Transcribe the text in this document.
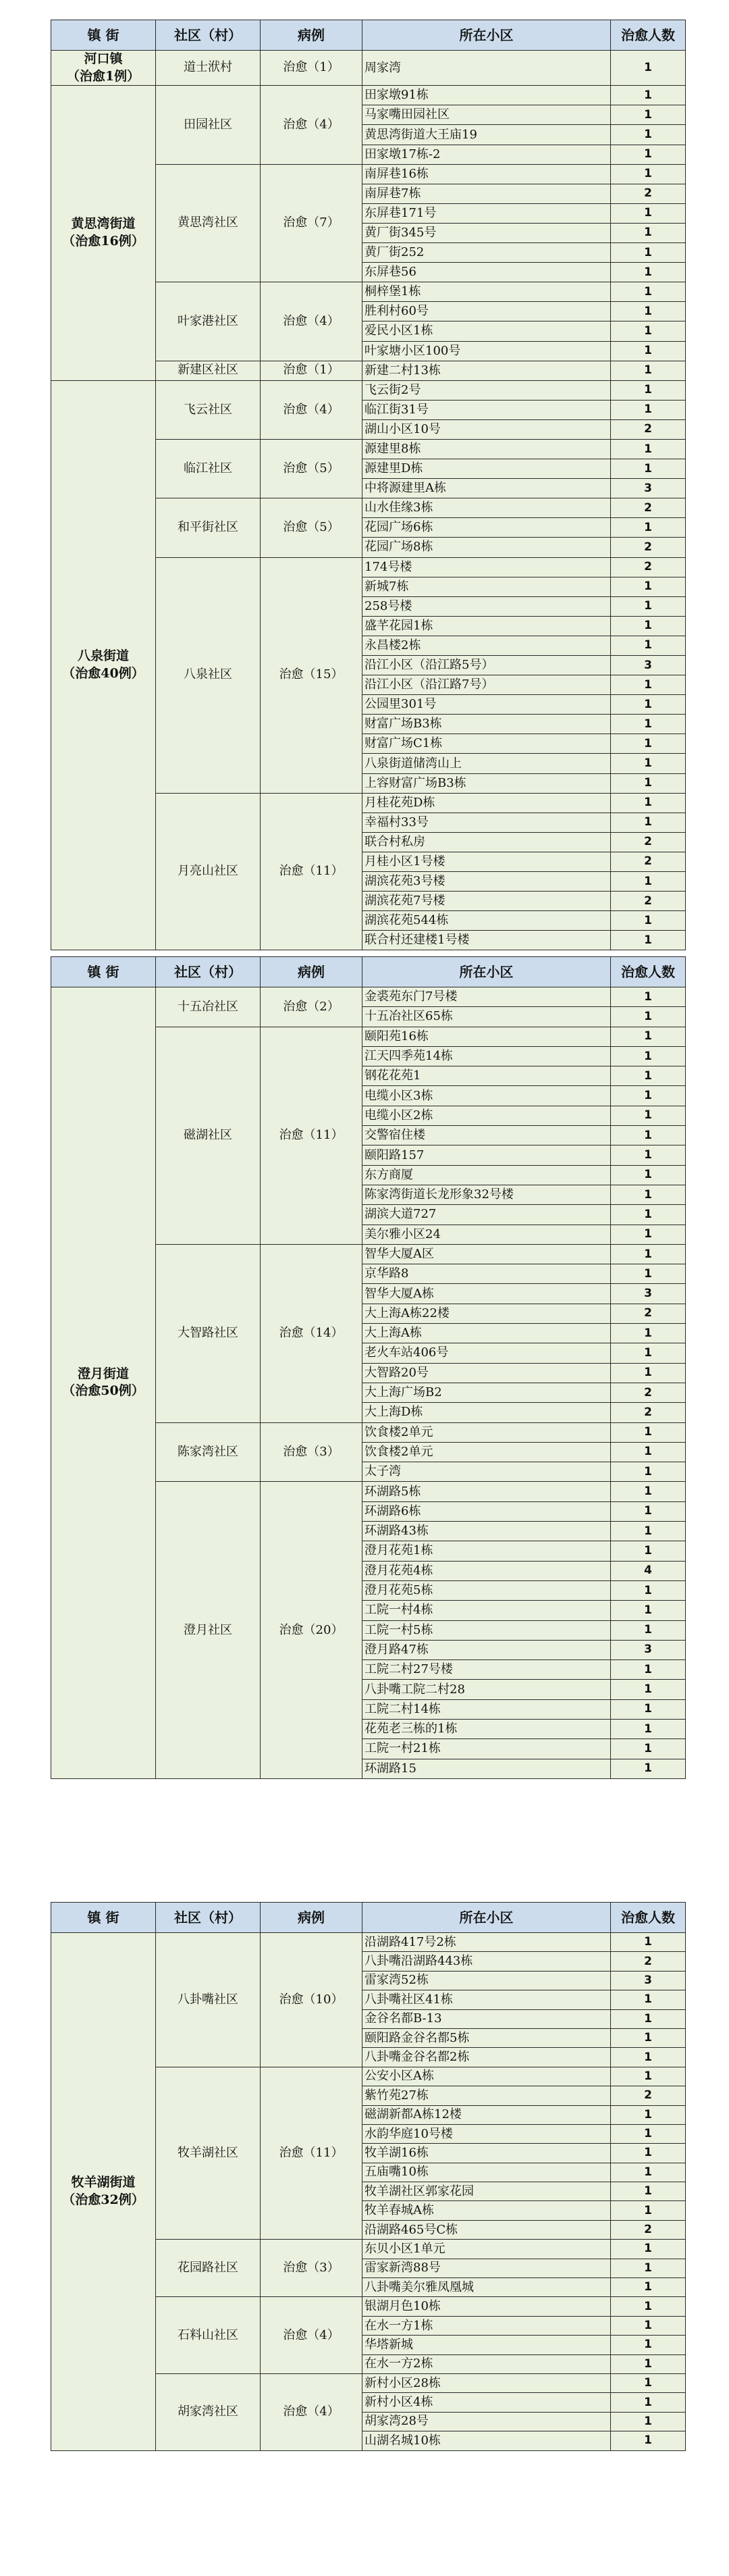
镇 街	社区（村）	病例	所在小区	治愈人数
河口镇
（治愈1例）	道士洑村	治愈（1）	周家湾	1
黄思湾街道
（治愈16例）	田园社区	治愈（4）	田家墩91栋	1
			马家嘴田园社区	1
			黄思湾街道大王庙19	1
			田家墩17栋-2	1
	黄思湾社区	治愈（7）	南屏巷16栋	1
			南屏巷7栋	2
			东屏巷171号	1
			黄厂街345号	1
			黄厂街252	1
			东屏巷56	1
	叶家港社区	治愈（4）	桐梓堡1栋	1
			胜利村60号	1
			爱民小区1栋	1
			叶家塘小区100号	1
	新建区社区	治愈（1）	新建二村13栋	1
八泉街道
（治愈40例）	飞云社区	治愈（4）	飞云街2号	1
			临江街31号	1
			湖山小区10号	2
	临江社区	治愈（5）	源建里8栋	1
			源建里D栋	1
			中将源建里A栋	3
	和平街社区	治愈（5）	山水佳缘3栋	2
			花园广场6栋	1
			花园广场8栋	2
	八泉社区	治愈（15）	174号楼	2
			新城7栋	1
			258号楼	1
			盛芊花园1栋	1
			永昌楼2栋	1
			沿江小区（沿江路5号）	3
			沿江小区（沿江路7号）	1
			公园里301号	1
			财富广场B3栋	1
			财富广场C1栋	1
			八泉街道储湾山上	1
			上容财富广场B3栋	1
	月亮山社区	治愈（11）	月桂花苑D栋	1
			幸福村33号	1
			联合村私房	2
			月桂小区1号楼	2
			湖滨花苑3号楼	1
			湖滨花苑7号楼	2
			湖滨花苑544栋	1
			联合村还建楼1号楼	1
镇 街	社区（村）	病例	所在小区	治愈人数
澄月街道
（治愈50例）	十五冶社区	治愈（2）	金裘苑东门7号楼	1
			十五冶社区65栋	1
	磁湖社区	治愈（11）	颐阳苑16栋	1
			江天四季苑14栋	1
			钢花花苑1	1
			电缆小区3栋	1
			电缆小区2栋	1
			交警宿住楼	1
			颐阳路157	1
			东方商厦	1
			陈家湾街道长龙形象32号楼	1
			湖滨大道727	1
			美尔雅小区24	1
	大智路社区	治愈（14）	智华大厦A区	1
			京华路8	1
			智华大厦A栋	3
			大上海A栋22楼	2
			大上海A栋	1
			老火车站406号	1
			大智路20号	1
			大上海广场B2	2
			大上海D栋	2
	陈家湾社区	治愈（3）	饮食楼2单元	1
			饮食楼2单元	1
			太子湾	1
	澄月社区	治愈（20）	环湖路5栋	1
			环湖路6栋	1
			环湖路43栋	1
			澄月花苑1栋	1
			澄月花苑4栋	4
			澄月花苑5栋	1
			工院一村4栋	1
			工院一村5栋	1
			澄月路47栋	3
			工院二村27号楼	1
			八卦嘴工院二村28	1
			工院二村14栋	1
			花苑老三栋的1栋	1
			工院一村21栋	1
			环湖路15	1
镇 街	社区（村）	病例	所在小区	治愈人数
牧羊湖街道
（治愈32例）	八卦嘴社区	治愈（10）	沿湖路417号2栋	1
			八卦嘴沿湖路443栋	2
			雷家湾52栋	3
			八卦嘴社区41栋	1
			金谷名都B-13	1
			颐阳路金谷名都5栋	1
			八卦嘴金谷名都2栋	1
	牧羊湖社区	治愈（11）	公安小区A栋	1
			紫竹苑27栋	2
			磁湖新都A栋12楼	1
			水韵华庭10号楼	1
			牧羊湖16栋	1
			五庙嘴10栋	1
			牧羊湖社区郭家花园	1
			牧羊春城A栋	1
			沿湖路465号C栋	2
	花园路社区	治愈（3）	东贝小区1单元	1
			雷家新湾88号	1
			八卦嘴美尔雅凤凰城	1
	石料山社区	治愈（4）	银湖月色10栋	1
			在水一方1栋	1
			华塔新城	1
			在水一方2栋	1
	胡家湾社区	治愈（4）	新村小区28栋	1
			新村小区4栋	1
			胡家湾28号	1
			山湖名城10栋	1
